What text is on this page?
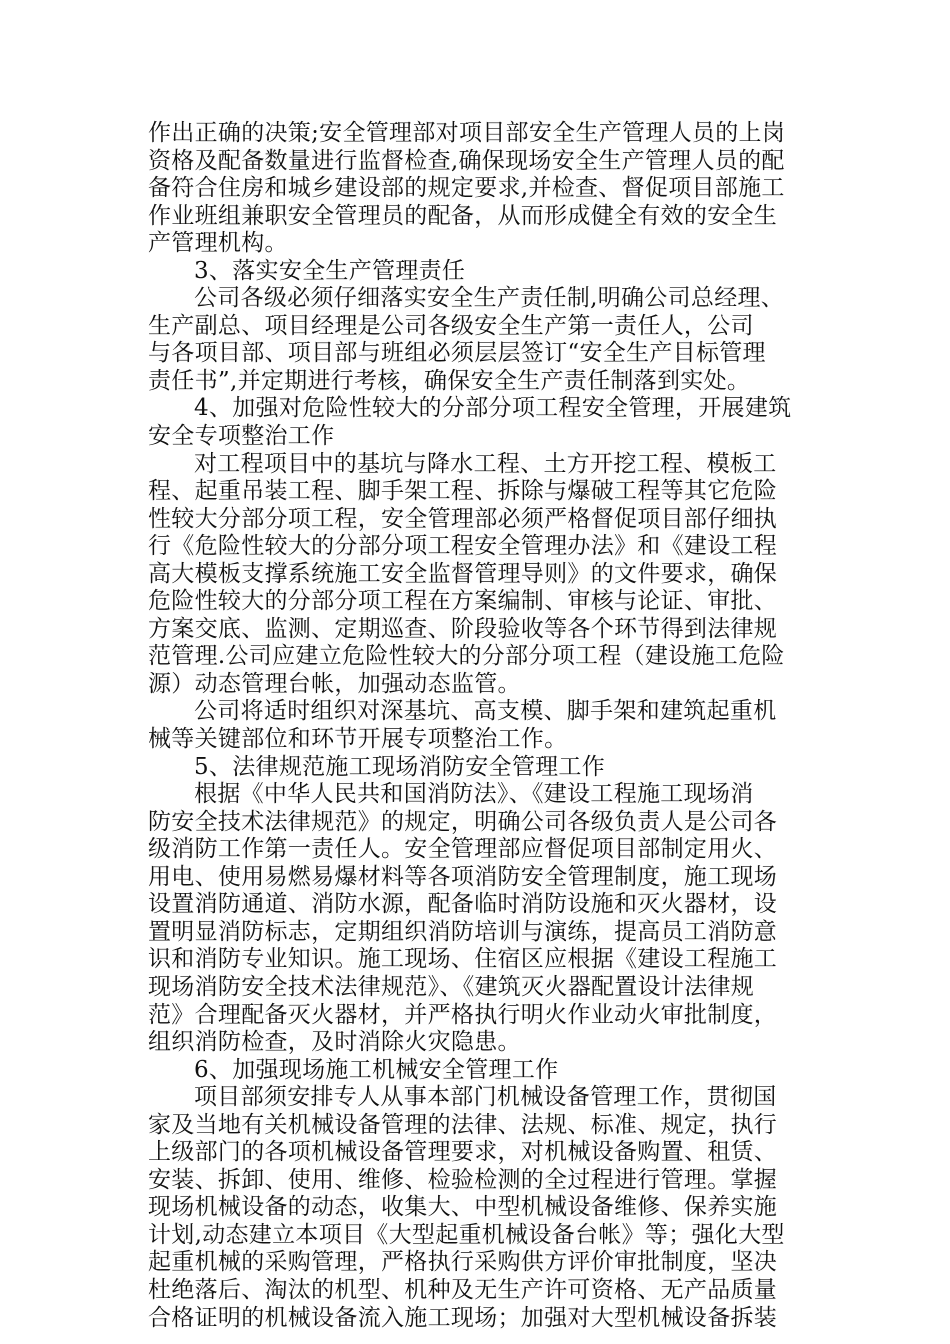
作出正确的决策;安全管理部对项目部安全生产管理人员的上岗
资格及配备数量进行监督检查,确保现场安全生产管理人员的配
备符合住房和城乡建设部的规定要求,并检查、督促项目部施工
作业班组兼职安全管理员的配备，从而形成健全有效的安全生
产管理机构。
3、落实安全生产管理责任
公司各级必须仔细落实安全生产责任制,明确公司总经理、
生产副总、项目经理是公司各级安全生产第一责任人，公司
与各项目部、项目部与班组必须层层签订“安全生产目标管理
责任书”,并定期进行考核，确保安全生产责任制落到实处。
4、加强对危险性较大的分部分项工程安全管理，开展建筑
安全专项整治工作
对工程项目中的基坑与降水工程、土方开挖工程、模板工
程、起重吊装工程、脚手架工程、拆除与爆破工程等其它危险
性较大分部分项工程，安全管理部必须严格督促项目部仔细执
行《危险性较大的分部分项工程安全管理办法》和《建设工程
高大模板支撑系统施工安全监督管理导则》的文件要求，确保
危险性较大的分部分项工程在方案编制、审核与论证、审批、
方案交底、监测、定期巡查、阶段验收等各个环节得到法律规
范管理.公司应建立危险性较大的分部分项工程（建设施工危险
源）动态管理台帐，加强动态监管。
公司将适时组织对深基坑、高支模、脚手架和建筑起重机
械等关键部位和环节开展专项整治工作。
5、法律规范施工现场消防安全管理工作
根据《中华人民共和国消防法》、《建设工程施工现场消
防安全技术法律规范》的规定，明确公司各级负责人是公司各
级消防工作第一责任人。安全管理部应督促项目部制定用火、
用电、使用易燃易爆材料等各项消防安全管理制度，施工现场
设置消防通道、消防水源，配备临时消防设施和灭火器材，设
置明显消防标志，定期组织消防培训与演练，提高员工消防意
识和消防专业知识。施工现场、住宿区应根据《建设工程施工
现场消防安全技术法律规范》、《建筑灭火器配置设计法律规
范》合理配备灭火器材，并严格执行明火作业动火审批制度，
组织消防检查，及时消除火灾隐患。
6、加强现场施工机械安全管理工作
项目部须安排专人从事本部门机械设备管理工作，贯彻国
家及当地有关机械设备管理的法律、法规、标准、规定，执行
上级部门的各项机械设备管理要求，对机械设备购置、租赁、
安装、拆卸、使用、维修、检验检测的全过程进行管理。掌握
现场机械设备的动态，收集大、中型机械设备维修、保养实施
计划,动态建立本项目《大型起重机械设备台帐》等；强化大型
起重机械的采购管理，严格执行采购供方评价审批制度，坚决
杜绝落后、淘汰的机型、机种及无生产许可资格、无产品质量
合格证明的机械设备流入施工现场；加强对大型机械设备拆装
